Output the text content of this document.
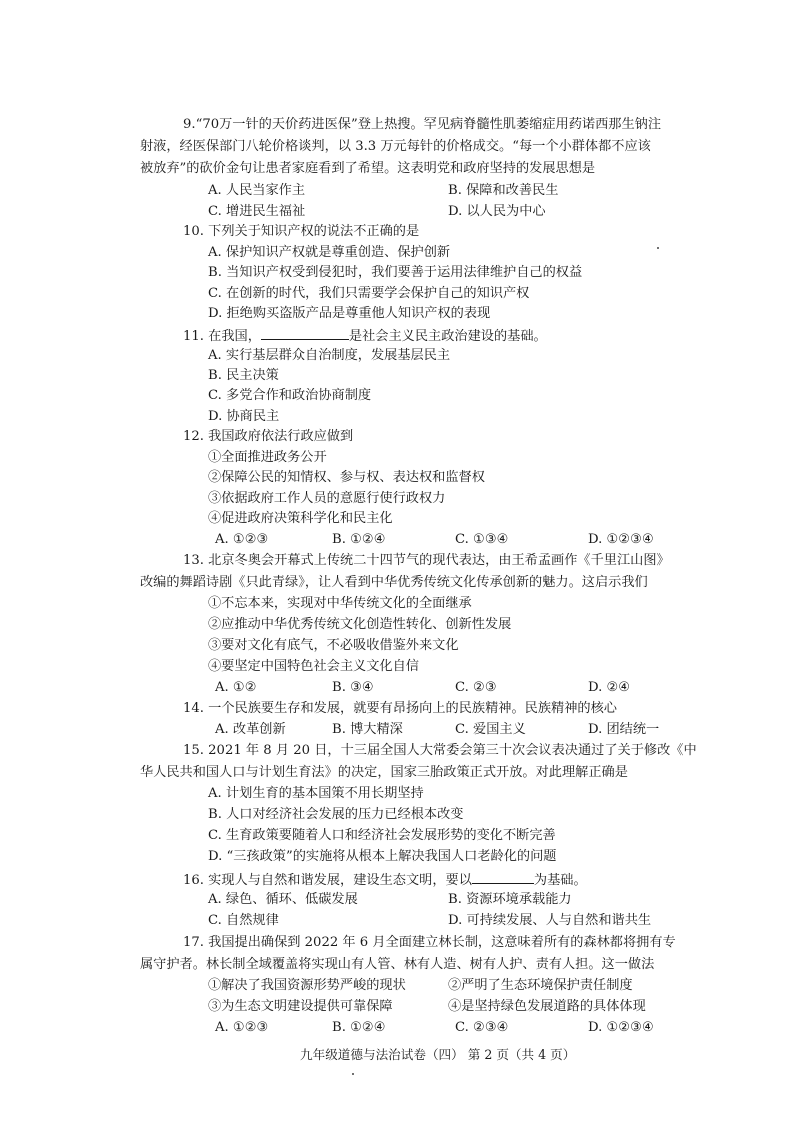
9.“70万一针的天价药进医保”登上热搜。罕见病脊髓性肌萎缩症用药诺西那生钠注
射液，经医保部门八轮价格谈判，以 3.3 万元每针的价格成交。“每一个小群体都不应该
被放弃”的砍价金句让患者家庭看到了希望。这表明党和政府坚持的发展思想是
A. 人民当家作主	B. 保障和改善民生
C. 增进民生福祉	D. 以人民为中心
10. 下列关于知识产权的说法不正确的是
A. 保护知识产权就是尊重创造、保护创新
B. 当知识产权受到侵犯时，我们要善于运用法律维护自己的权益
C. 在创新的时代，我们只需要学会保护自己的知识产权
D. 拒绝购买盗版产品是尊重他人知识产权的表现
11. 在我国，	是社会主义民主政治建设的基础。
A. 实行基层群众自治制度，发展基层民主
B. 民主决策
C. 多党合作和政治协商制度
D. 协商民主
12. 我国政府依法行政应做到
①全面推进政务公开
②保障公民的知情权、参与权、表达权和监督权
③依据政府工作人员的意愿行使行政权力
④促进政府决策科学化和民主化
A. ①②③	B. ①②④	C. ①③④	D. ①②③④
13. 北京冬奥会开幕式上传统二十四节气的现代表达，由王希孟画作《千里江山图》
改编的舞蹈诗剧《只此青绿》，让人看到中华优秀传统文化传承创新的魅力。这启示我们
①不忘本来，实现对中华传统文化的全面继承
②应推动中华优秀传统文化创造性转化、创新性发展
③要对文化有底气，不必吸收借鉴外来文化
④要坚定中国特色社会主义文化自信
A. ①②	B. ③④	C. ②③	D. ②④
14. 一个民族要生存和发展，就要有昂扬向上的民族精神。民族精神的核心
A. 改革创新	B. 博大精深	C. 爱国主义	D. 团结统一
15. 2021 年 8 月 20 日，十三届全国人大常委会第三十次会议表决通过了关于修改《中
华人民共和国人口与计划生育法》的决定，国家三胎政策正式开放。对此理解正确是
A. 计划生育的基本国策不用长期坚持
B. 人口对经济社会发展的压力已经根本改变
C. 生育政策要随着人口和经济社会发展形势的变化不断完善
D. “三孩政策”的实施将从根本上解决我国人口老龄化的问题
16. 实现人与自然和谐发展，建设生态文明，要以	为基础。
A. 绿色、循环、低碳发展	B. 资源环境承载能力
C. 自然规律	D. 可持续发展、人与自然和谐共生
17. 我国提出确保到 2022 年 6 月全面建立林长制，这意味着所有的森林都将拥有专
属守护者。林长制全域覆盖将实现山有人管、林有人造、树有人护、责有人担。这一做法
①解决了我国资源形势严峻的现状	②严明了生态环境保护责任制度
③为生态文明建设提供可靠保障	④是坚持绿色发展道路的具体体现
A. ①②③	B. ①②④	C. ②③④	D. ①②③④
九年级道德与法治试卷（四） 第 2 页（共 4 页）
